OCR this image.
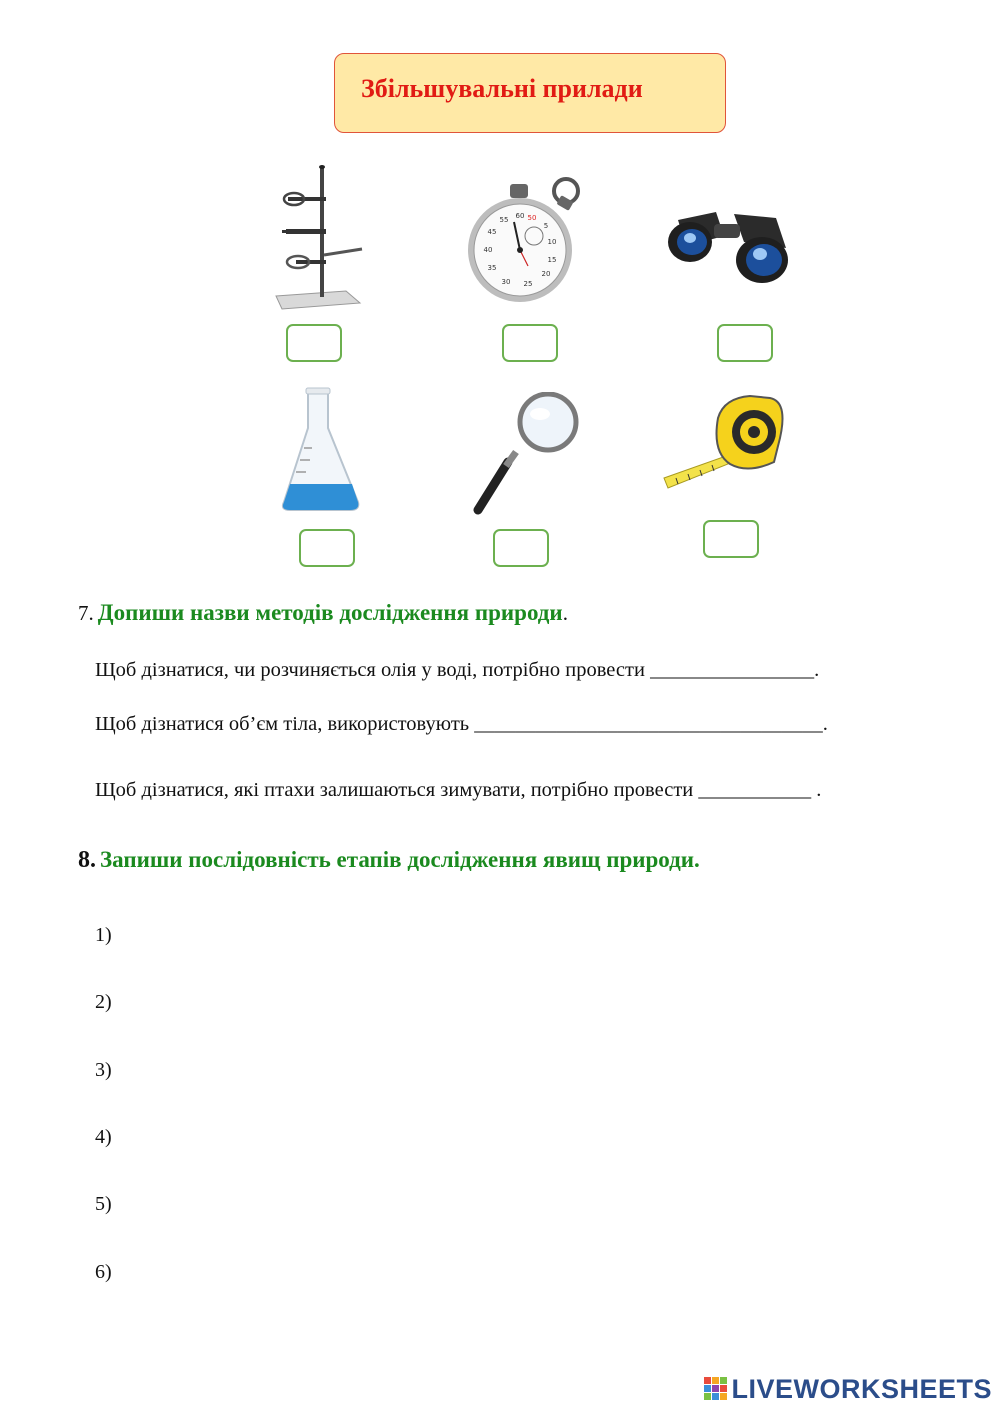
Збільшувальні прилади
60
55	50
5
45
10
40
15
35
20
30 25
7. Допиши назви методів дослідження природи.
Щоб дізнатися, чи розчиняється олія у воді, потрібно провести ________________.
Щоб дізнатися об’єм тіла, використовують __________________________________.
Щоб дізнатися, які птахи залишаються зимувати, потрібно провести ___________ .
8. Запиши послідовність етапів дослідження явищ природи.
1)
2)
3)
4)
5)
6)
LIVEWORKSHEETS
